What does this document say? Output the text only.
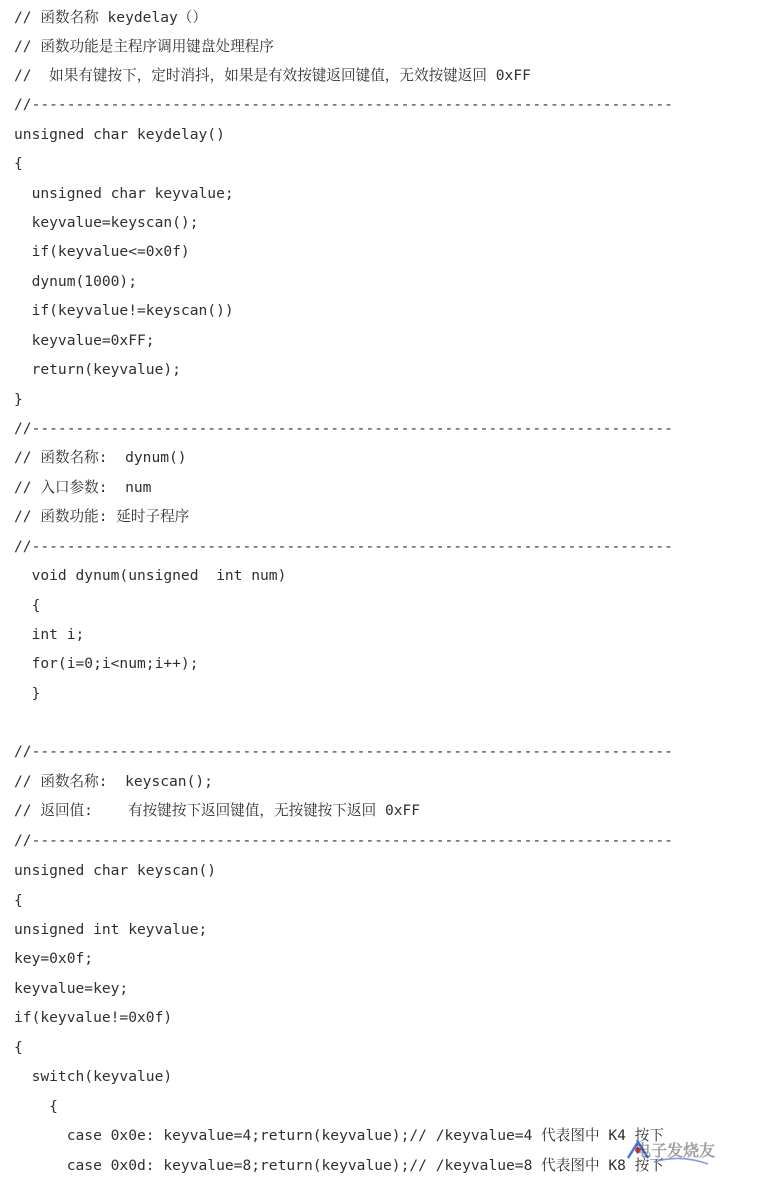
// 函数名称 keydelay（）
// 函数功能是主程序调用键盘处理程序
//  如果有键按下，定时消抖，如果是有效按键返回键值，无效按键返回 0xFF
//-------------------------------------------------------------------------
unsigned char keydelay()
{
unsigned char keyvalue;
keyvalue=keyscan();
if(keyvalue<=0x0f)
dynum(1000);
if(keyvalue!=keyscan())
keyvalue=0xFF;
return(keyvalue);
}
//-------------------------------------------------------------------------
// 函数名称:  dynum()
// 入口参数:  num
// 函数功能: 延时子程序
//-------------------------------------------------------------------------
void dynum(unsigned  int num)
{
int i;
for(i=0;i<num;i++);
}
//-------------------------------------------------------------------------
// 函数名称:  keyscan();
// 返回值:    有按键按下返回键值，无按键按下返回 0xFF
//-------------------------------------------------------------------------
unsigned char keyscan()
{
unsigned int keyvalue;
key=0x0f;
keyvalue=key;
if(keyvalue!=0x0f)
{
switch(keyvalue)
{
case 0x0e: keyvalue=4;return(keyvalue);// /keyvalue=4 代表图中 K4 按下
case 0x0d: keyvalue=8;return(keyvalue);// /keyvalue=8 代表图中 K8 按下
电子发烧友
